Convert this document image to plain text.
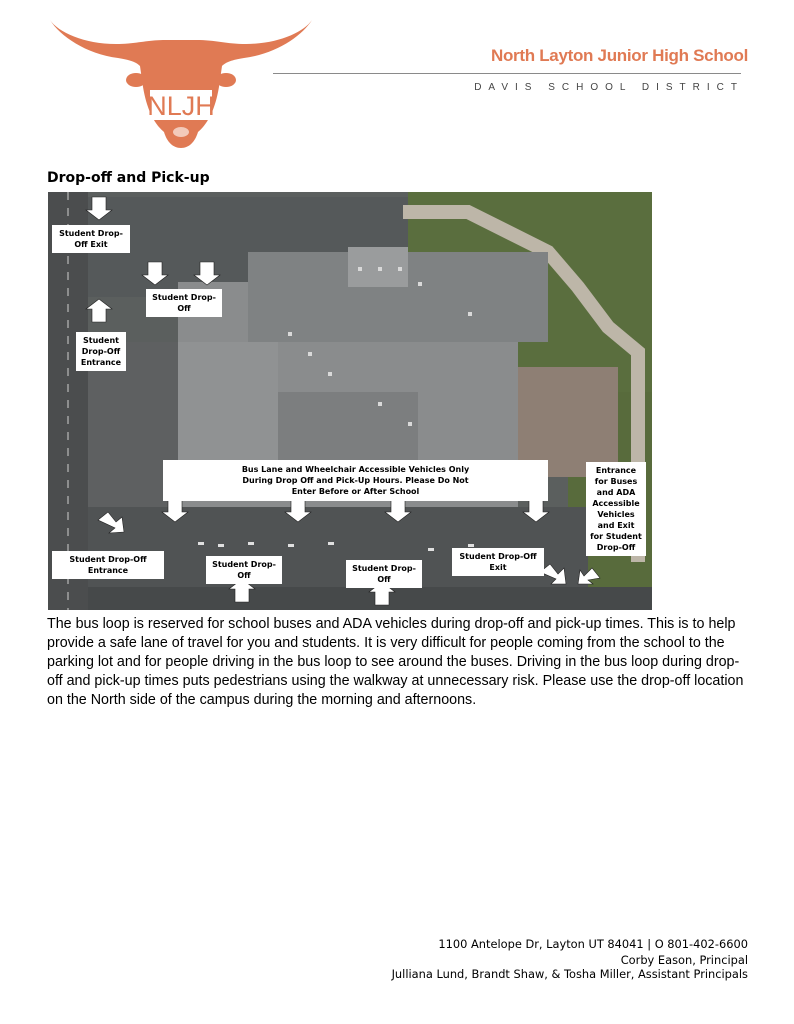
NLJH
North Layton Junior High School
DAVIS SCHOOL DISTRICT
Drop-off and Pick-up
Student Drop-Off Exit
Student Drop-Off
Student Drop-Off Entrance
Bus Lane and Wheelchair Accessible Vehicles Only During Drop Off and Pick-Up Hours. Please Do Not Enter Before or After School
Entrance for Buses and ADA Accessible Vehicles and Exit for Student Drop-Off
Student Drop-Off Entrance
Student Drop-Off
Student Drop-Off
Student Drop-Off Exit
The bus loop is reserved for school buses and ADA vehicles during drop-off and pick-up times. This is to help provide a safe lane of travel for you and students. It is very difficult for people coming from the school to the parking lot and for people driving in the bus loop to see around the buses. Driving in the bus loop during drop-off and pick-up times puts pedestrians using the walkway at unnecessary risk. Please use the drop-off location on the North side of the campus during the morning and afternoons.
1100 Antelope Dr, Layton UT 84041 | O 801-402-6600
Corby Eason, Principal
Julliana Lund, Brandt Shaw, & Tosha Miller, Assistant Principals
